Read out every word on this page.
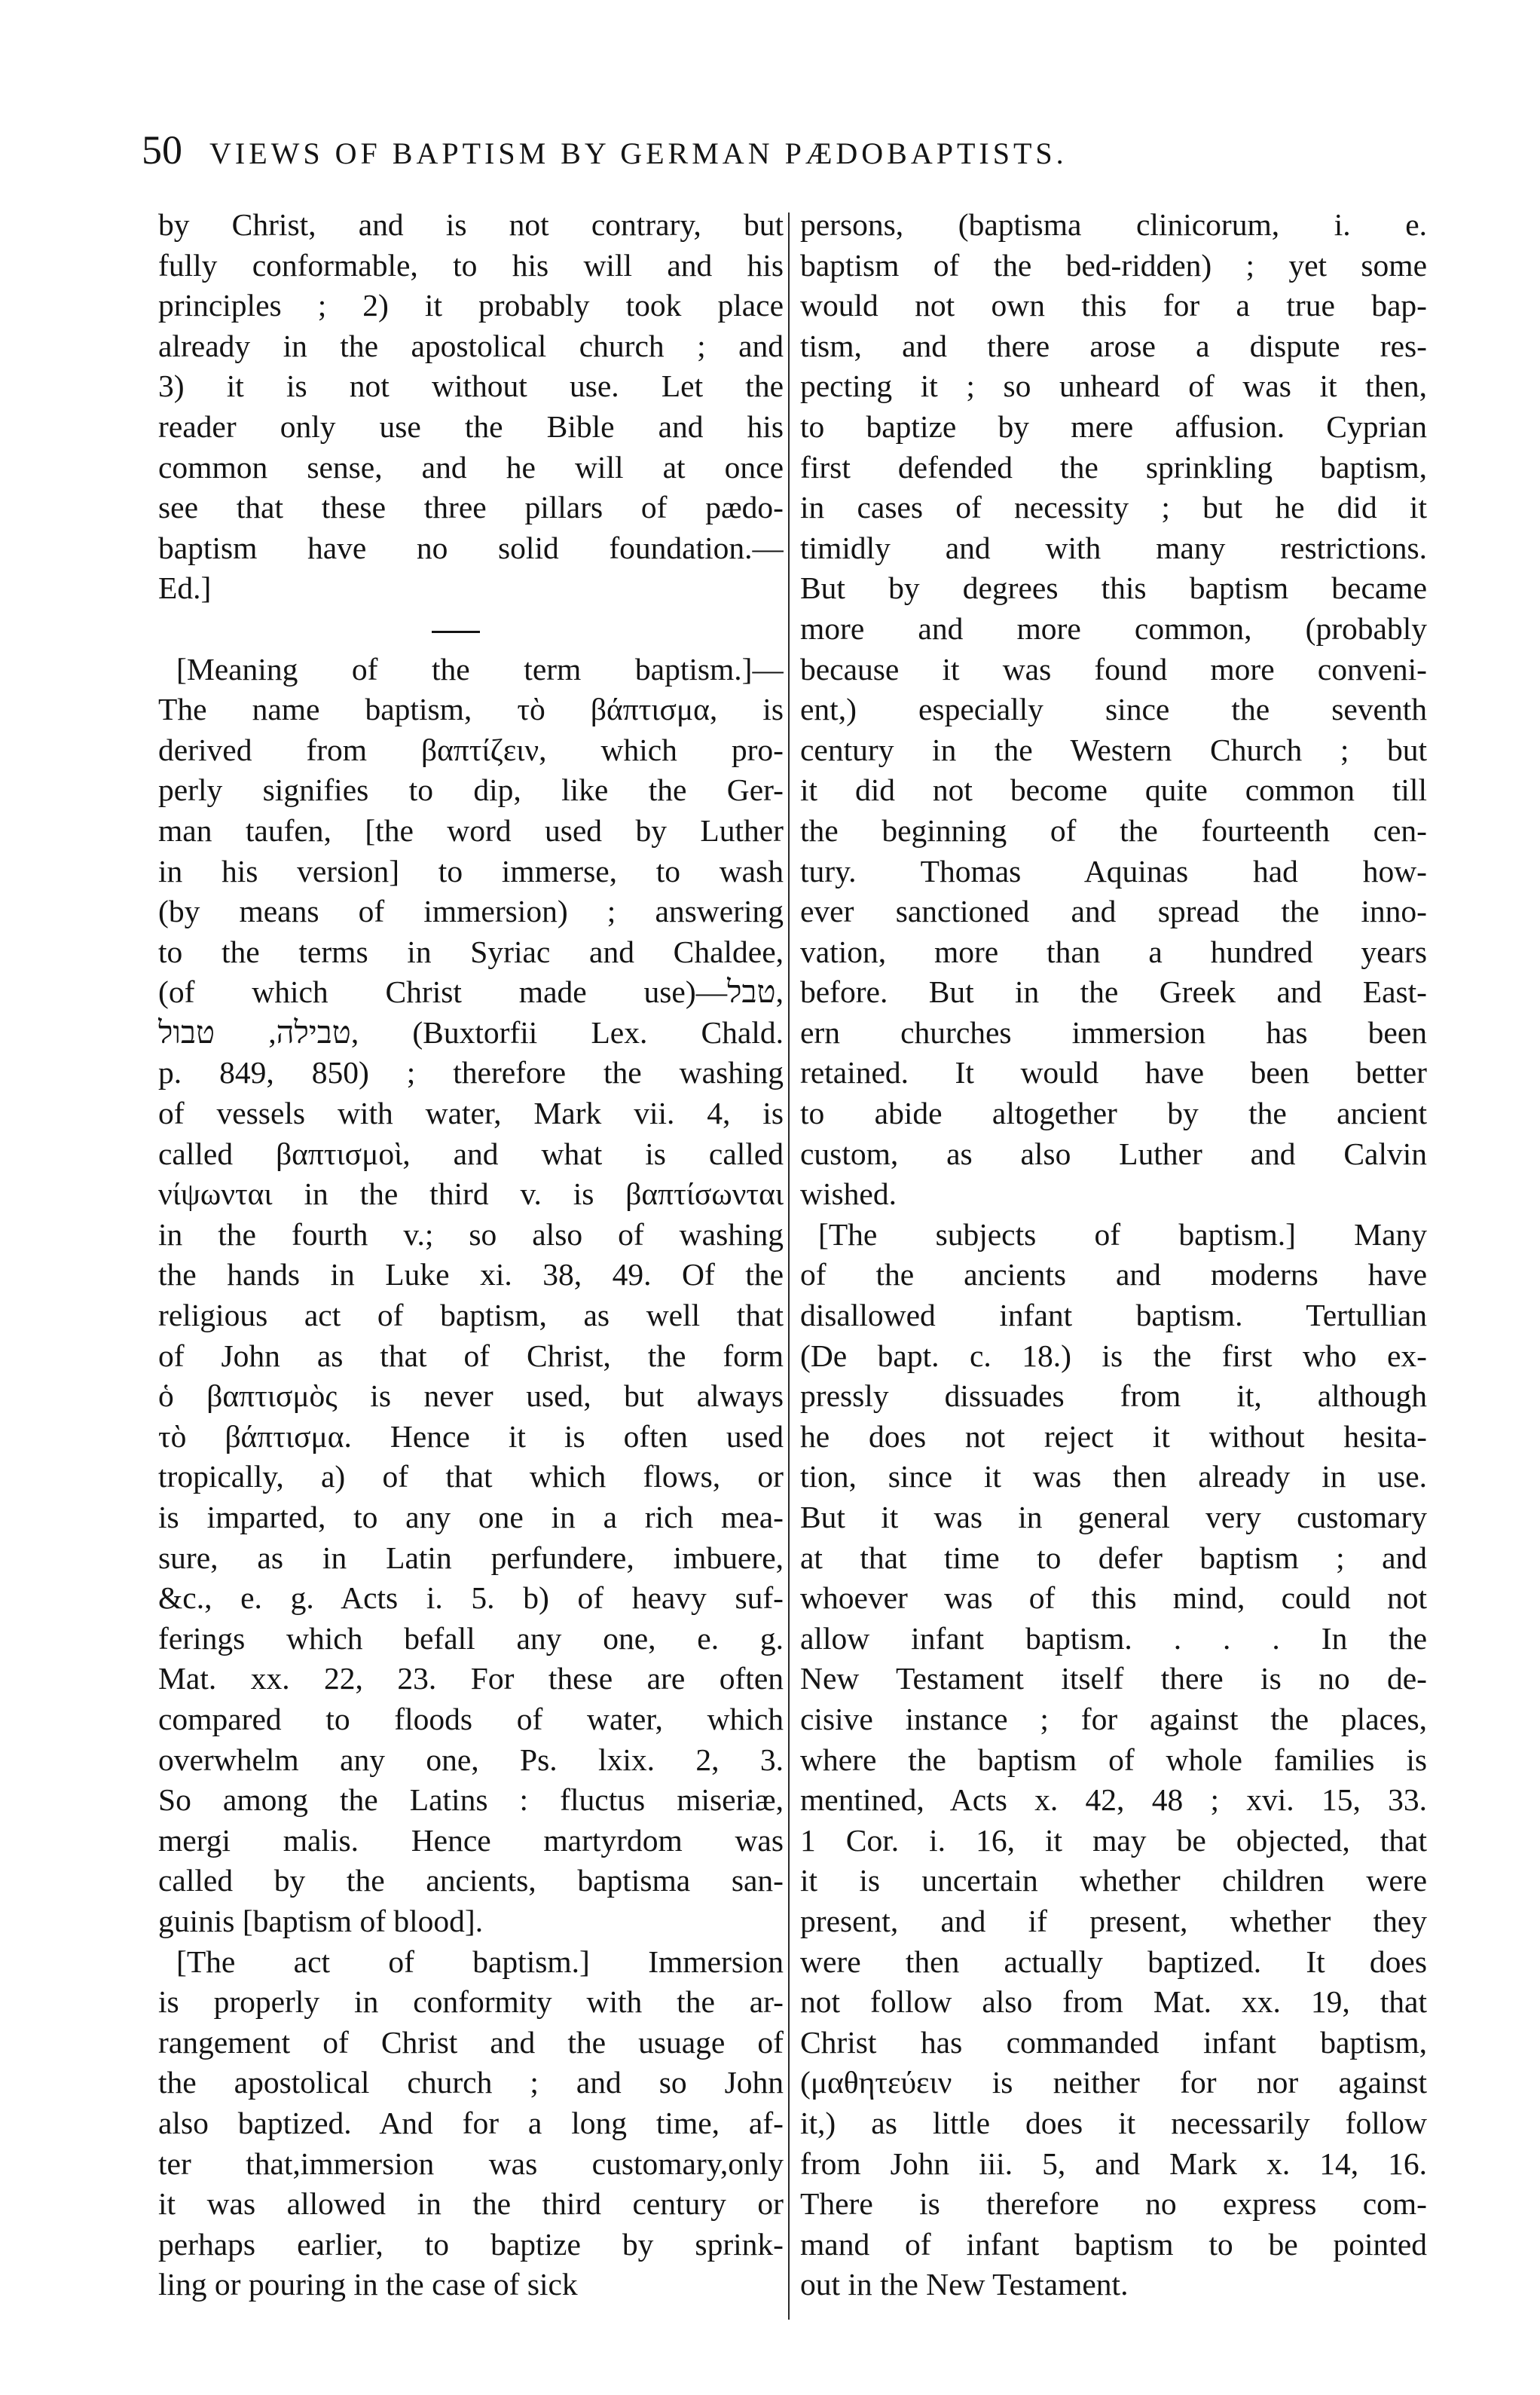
50 VIEWS OF BAPTISM BY GERMAN PÆDOBAPTISTS.
by Christ, and is not contrary, but
fully conformable, to his will and his
principles ; 2) it probably took place
already in the apostolical church ; and
3) it is not without use. Let the
reader only use the Bible and his
common sense, and he will at once
see that these three pillars of pædo-
baptism have no solid foundation.—
Ed.]
[Meaning of the term baptism.]—
The name baptism, τὸ βάπτισμα, is
derived from βαπτίζειν, which pro-
perly signifies to dip, like the Ger-
man taufen, [the word used by Luther
in his version] to immerse, to wash
(by means of immersion) ; answering
to the terms in Syriac and Chaldee,
(of which Christ made use)—טבל,
טבילה, טבול, (Buxtorfii Lex. Chald.
p. 849, 850) ; therefore the washing
of vessels with water, Mark vii. 4, is
called βαπτισμοὶ, and what is called
νίψωνται in the third v. is βαπτίσωνται
in the fourth v.; so also of washing
the hands in Luke xi. 38, 49. Of the
religious act of baptism, as well that
of John as that of Christ, the form
ὁ βαπτισμὸς is never used, but always
τὸ βάπτισμα. Hence it is often used
tropically, a) of that which flows, or
is imparted, to any one in a rich mea-
sure, as in Latin perfundere, imbuere,
&c., e. g. Acts i. 5. b) of heavy suf-
ferings which befall any one, e. g.
Mat. xx. 22, 23. For these are often
compared to floods of water, which
overwhelm any one, Ps. lxix. 2, 3.
So among the Latins : fluctus miseriæ,
mergi malis. Hence martyrdom was
called by the ancients, baptisma san-
guinis [baptism of blood].
[The act of baptism.] Immersion
is properly in conformity with the ar-
rangement of Christ and the usuage of
the apostolical church ; and so John
also baptized. And for a long time, af-
ter that,immersion was customary,only
it was allowed in the third century or
perhaps earlier, to baptize by sprink-
ling or pouring in the case of sick
persons, (baptisma clinicorum, i. e.
baptism of the bed-ridden) ; yet some
would not own this for a true bap-
tism, and there arose a dispute res-
pecting it ; so unheard of was it then,
to baptize by mere affusion. Cyprian
first defended the sprinkling baptism,
in cases of necessity ; but he did it
timidly and with many restrictions.
But by degrees this baptism became
more and more common, (probably
because it was found more conveni-
ent,) especially since the seventh
century in the Western Church ; but
it did not become quite common till
the beginning of the fourteenth cen-
tury. Thomas Aquinas had how-
ever sanctioned and spread the inno-
vation, more than a hundred years
before. But in the Greek and East-
ern churches immersion has been
retained. It would have been better
to abide altogether by the ancient
custom, as also Luther and Calvin
wished.
[The subjects of baptism.] Many
of the ancients and moderns have
disallowed infant baptism. Tertullian
(De bapt. c. 18.) is the first who ex-
pressly dissuades from it, although
he does not reject it without hesita-
tion, since it was then already in use.
But it was in general very customary
at that time to defer baptism ; and
whoever was of this mind, could not
allow infant baptism. . . . In the
New Testament itself there is no de-
cisive instance ; for against the places,
where the baptism of whole families is
mentined, Acts x. 42, 48 ; xvi. 15, 33.
1 Cor. i. 16, it may be objected, that
it is uncertain whether children were
present, and if present, whether they
were then actually baptized. It does
not follow also from Mat. xx. 19, that
Christ has commanded infant baptism,
(μαθητεύειν is neither for nor against
it,) as little does it necessarily follow
from John iii. 5, and Mark x. 14, 16.
There is therefore no express com-
mand of infant baptism to be pointed
out in the New Testament.
